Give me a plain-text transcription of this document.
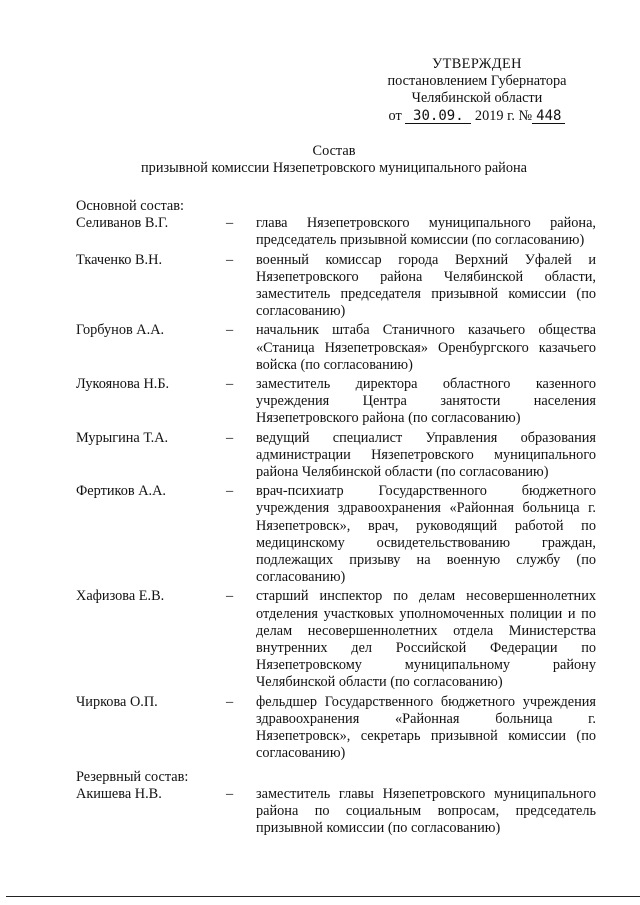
УТВЕРЖДЕН
постановлением Губернатора
Челябинской области
от 30.09. 2019 г. № 448
Состав
призывной комиссии Нязепетровского муниципального района
Основной состав:
Селиванов В.Г.	–	глава Нязепетровского муниципального района, председатель призывной комиссии (по согласованию)
Ткаченко В.Н.	–	военный комиссар города Верхний Уфалей и Нязепетровского района Челябинской области, заместитель председателя призывной комиссии (по согласованию)
Горбунов А.А.	–	начальник штаба Станичного казачьего общества «Станица Нязепетровская» Оренбургского казачьего войска (по согласованию)
Лукоянова Н.Б.	–	заместитель директора областного казенного учреждения Центра занятости населения Нязепетровского района (по согласованию)
Мурыгина Т.А.	–	ведущий специалист Управления образования администрации Нязепетровского муниципального района Челябинской области (по согласованию)
Фертиков А.А.	–	врач-психиатр Государственного бюджетного учреждения здравоохранения «Районная больница г. Нязепетровск», врач, руководящий работой по медицинскому освидетельствованию граждан, подлежащих призыву на военную службу (по согласованию)
Хафизова Е.В.	–	старший инспектор по делам несовершеннолетних отделения участковых уполномоченных полиции и по делам несовершеннолетних отдела Министерства внутренних дел Российской Федерации по Нязепетровскому муниципальному району Челябинской области (по согласованию)
Чиркова О.П.	–	фельдшер Государственного бюджетного учреждения здравоохранения «Районная больница г. Нязепетровск», секретарь призывной комиссии (по согласованию)
Резервный состав:
Акишева Н.В.	–	заместитель главы Нязепетровского муниципального района по социальным вопросам, председатель призывной комиссии (по согласованию)
